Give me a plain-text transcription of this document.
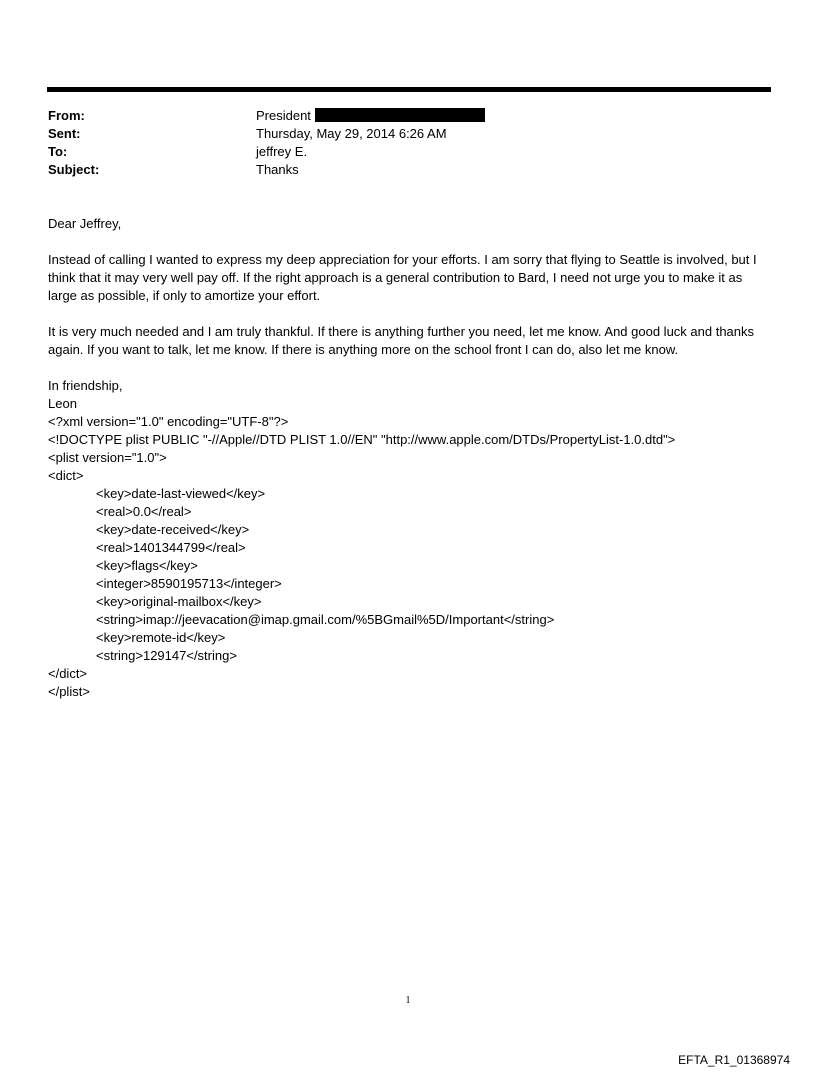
From:	President
Sent:	Thursday, May 29, 2014 6:26 AM
To:	jeffrey E.
Subject:	Thanks

Dear Jeffrey,

Instead of calling I wanted to express my deep appreciation for your efforts. I am sorry that flying to Seattle is involved, but I think that it may very well pay off. If the right approach is a general contribution to Bard, I need not urge you to make it as large as possible, if only to amortize your effort.

It is very much needed and I am truly thankful. If there is anything further you need, let me know. And good luck and thanks again. If you want to talk, let me know. If there is anything more on the school front I can do, also let me know.

In friendship,

Leon

<?xml version="1.0" encoding="UTF-8"?>
<!DOCTYPE plist PUBLIC "-//Apple//DTD PLIST 1.0//EN" "http://www.apple.com/DTDs/PropertyList-1.0.dtd">
<plist version="1.0">
<dict>
<key>date-last-viewed</key>
<real>0.0</real>
<key>date-received</key>
<real>1401344799</real>
<key>flags</key>
<integer>8590195713</integer>
<key>original-mailbox</key>
<string>imap://jeevacation@imap.gmail.com/%5BGmail%5D/Important</string>
<key>remote-id</key>
<string>129147</string>
</dict>
</plist>
1
EFTA_R1_01368974
